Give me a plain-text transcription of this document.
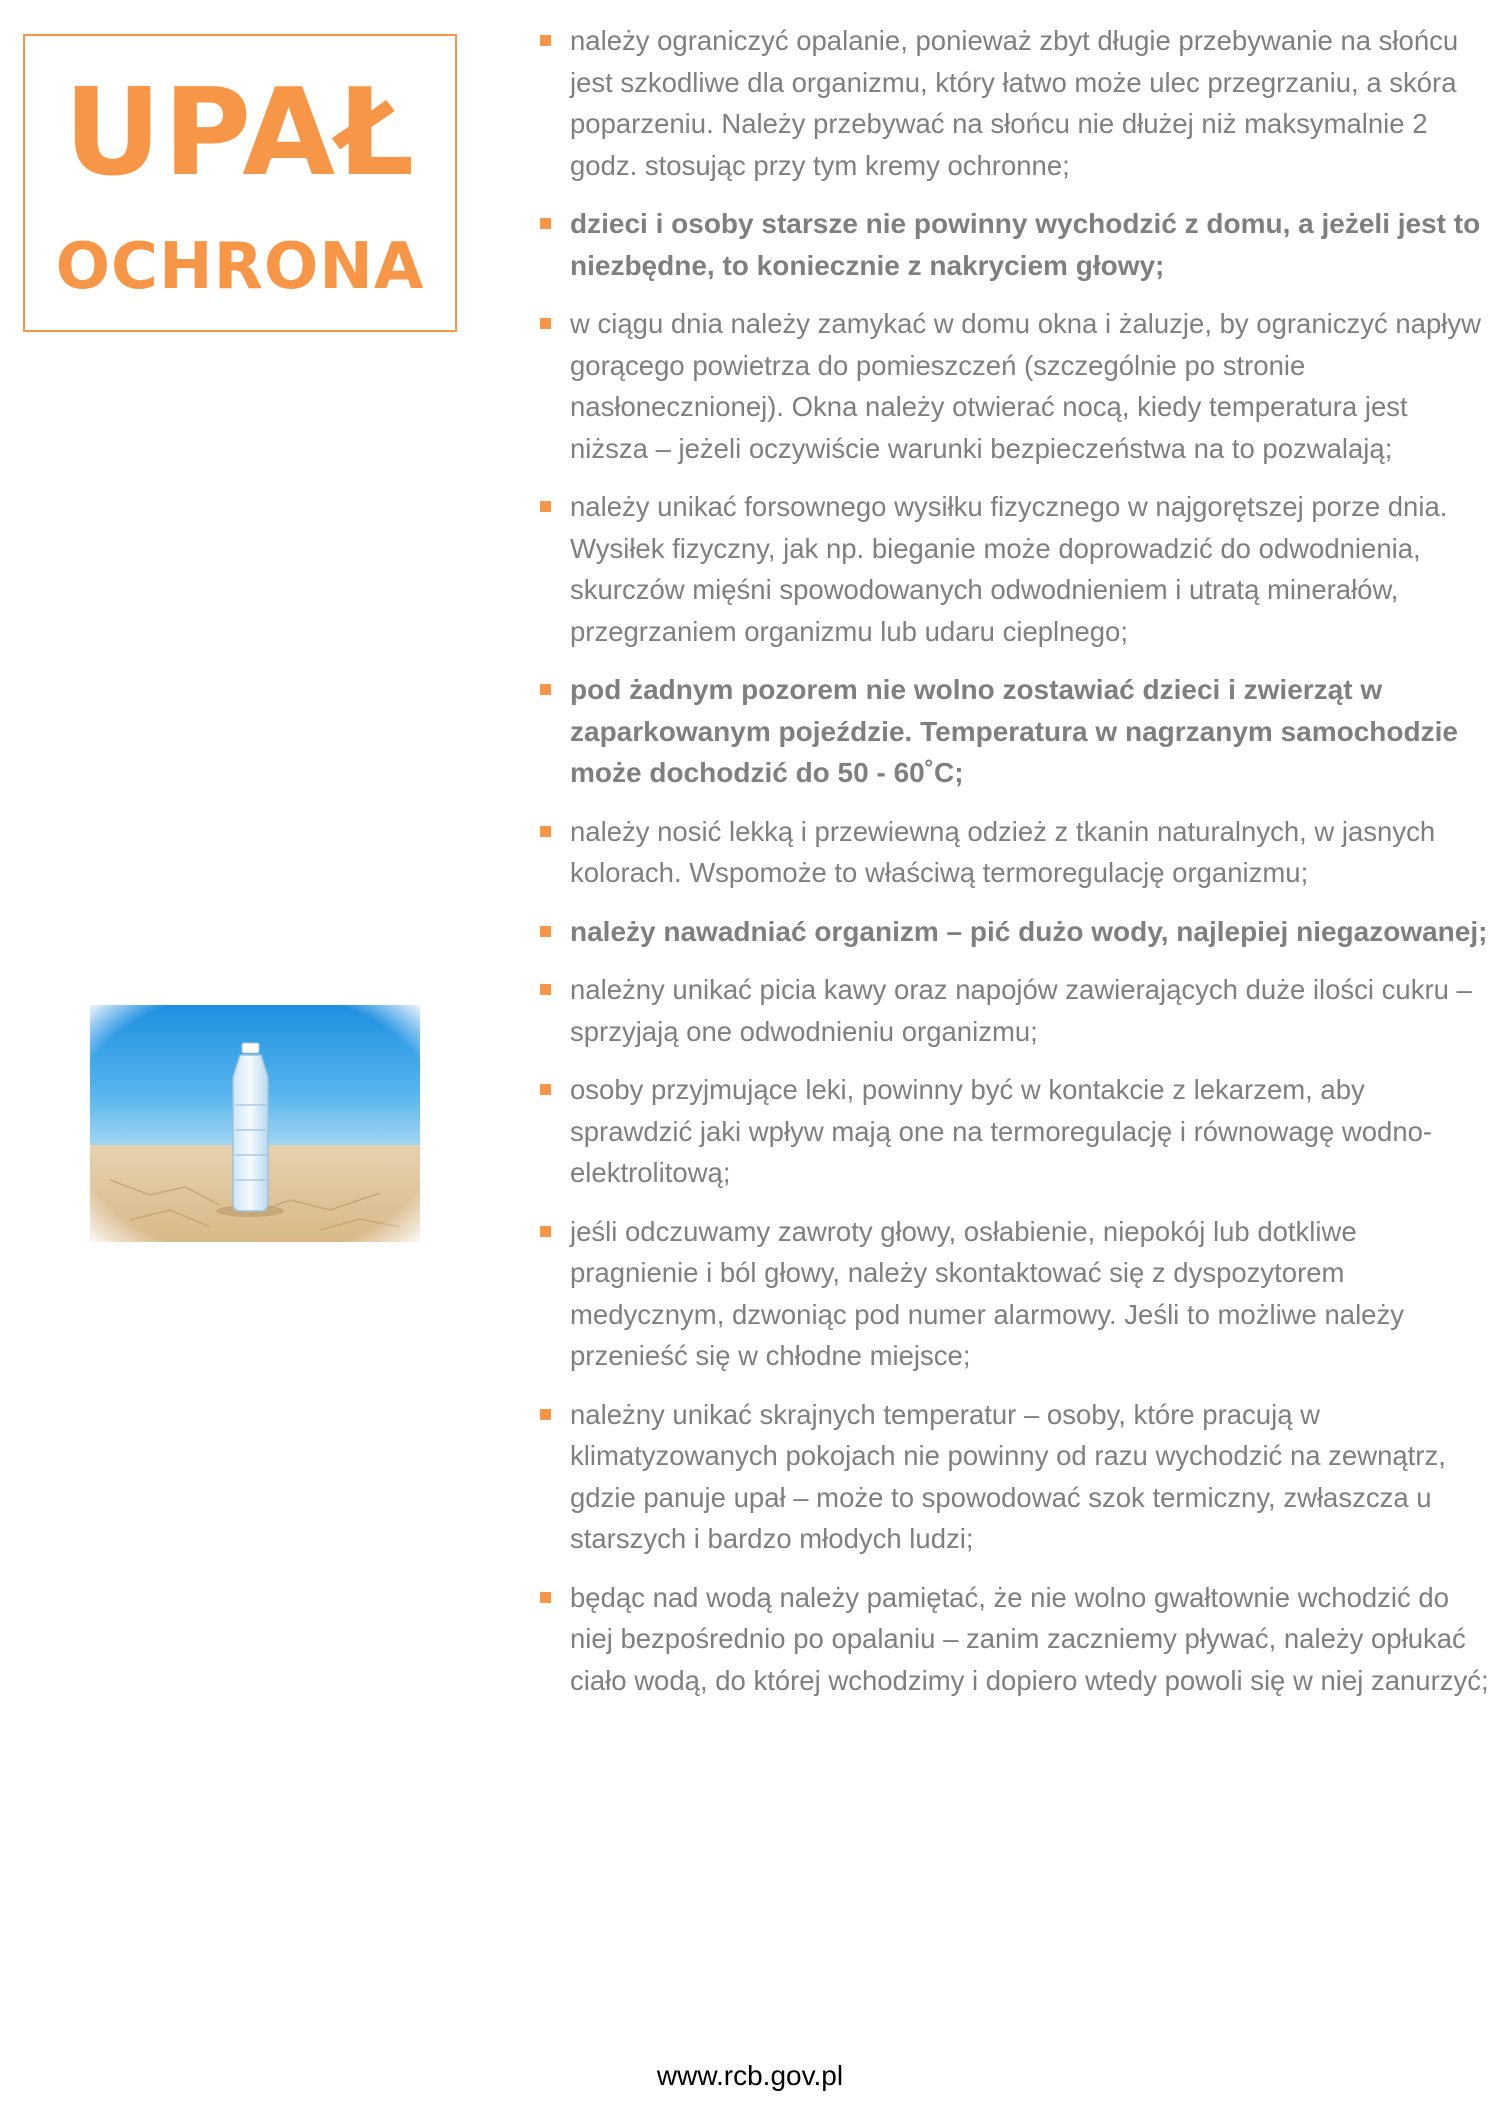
UPAŁ
OCHRONA
należy ograniczyć opalanie, ponieważ zbyt długie przebywanie na słońcu jest szkodliwe dla organizmu, który łatwo może ulec przegrzaniu, a skóra poparzeniu. Należy przebywać na słońcu nie dłużej niż maksymalnie 2 godz. stosując przy tym kremy ochronne;
dzieci i osoby starsze nie powinny wychodzić z domu, a jeżeli jest to niezbędne, to koniecznie z nakryciem głowy;
w ciągu dnia należy zamykać w domu okna i żaluzje, by ograniczyć napływ gorącego powietrza do pomieszczeń (szczególnie po stronie nasłonecznionej). Okna należy otwierać nocą, kiedy temperatura jest niższa – jeżeli oczywiście warunki bezpieczeństwa na to pozwalają;
należy unikać forsownego wysiłku fizycznego w najgorętszej porze dnia. Wysiłek fizyczny, jak np. bieganie może doprowadzić do odwodnienia, skurczów mięśni spowodowanych odwodnieniem i utratą minerałów, przegrzaniem organizmu lub udaru cieplnego;
pod żadnym pozorem nie wolno zostawiać dzieci i zwierząt w zaparkowanym pojeździe. Temperatura w nagrzanym samochodzie może dochodzić do 50 - 60˚C;
należy nosić lekką i przewiewną odzież z tkanin naturalnych, w jasnych kolorach. Wspomoże to właściwą termoregulację organizmu;
należy nawadniać organizm – pić dużo wody, najlepiej niegazowanej;
należny unikać picia kawy oraz napojów zawierających duże ilości cukru – sprzyjają one odwodnieniu organizmu;
osoby przyjmujące leki, powinny być w kontakcie z lekarzem, aby sprawdzić jaki wpływ mają one na termoregulację i równowagę wodno-elektrolitową;
jeśli odczuwamy zawroty głowy, osłabienie, niepokój lub dotkliwe pragnienie i ból głowy, należy skontaktować się z dyspozytorem medycznym, dzwoniąc pod numer alarmowy. Jeśli to możliwe należy przenieść się w chłodne miejsce;
należny unikać skrajnych temperatur – osoby, które pracują w klimatyzowanych pokojach nie powinny od razu wychodzić na zewnątrz, gdzie panuje upał – może to spowodować szok termiczny, zwłaszcza u starszych i bardzo młodych ludzi;
będąc nad wodą należy pamiętać, że nie wolno gwałtownie wchodzić do niej bezpośrednio po opalaniu – zanim zaczniemy pływać, należy opłukać ciało wodą, do której wchodzimy i dopiero wtedy powoli się w niej zanurzyć;
www.rcb.gov.pl
